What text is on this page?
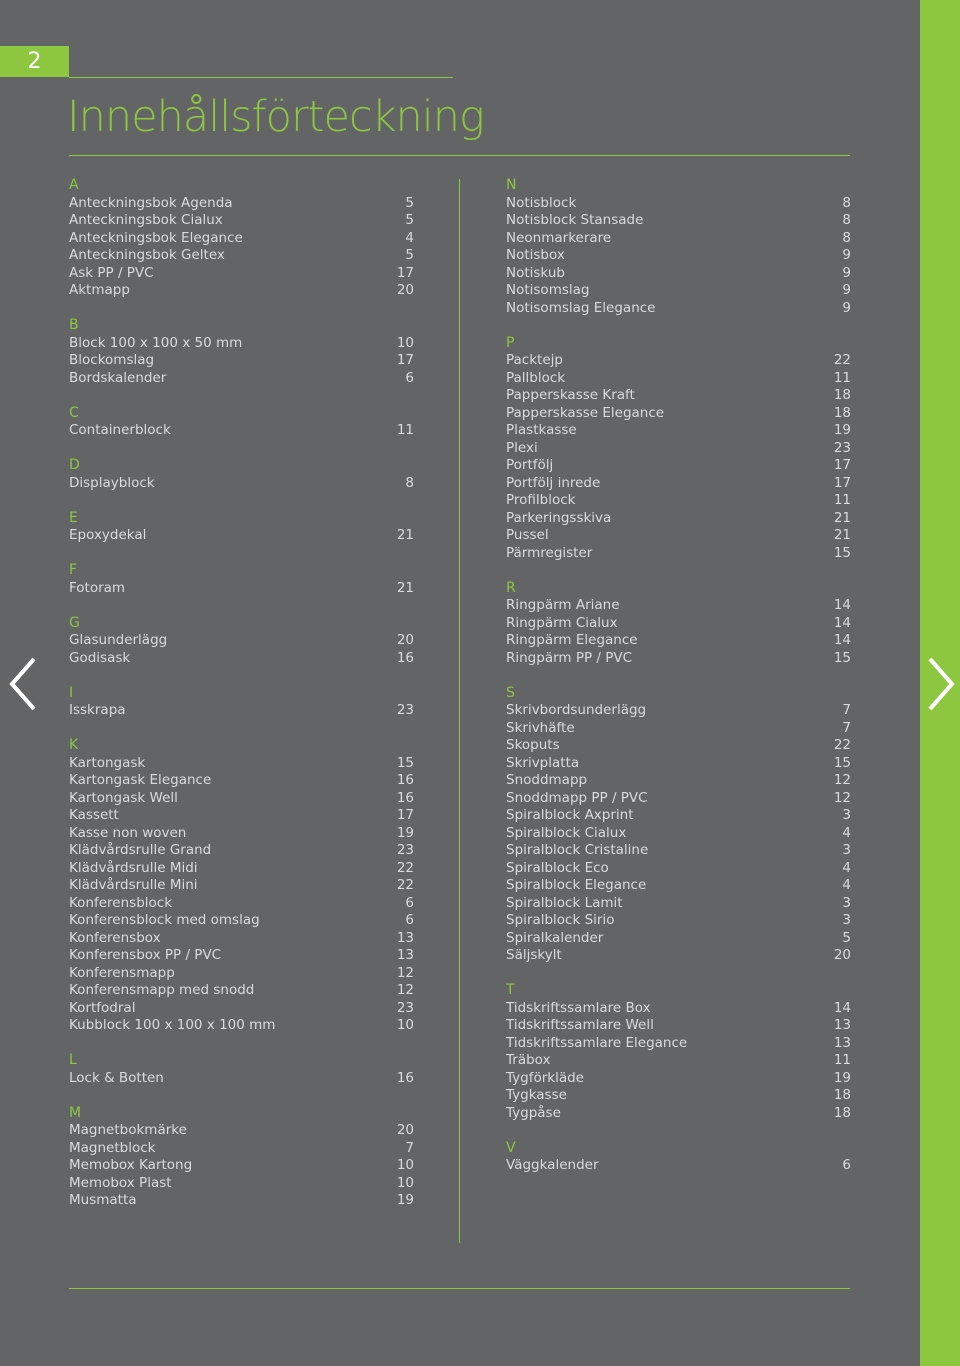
2
Innehållsförteckning
A
Anteckningsbok Agenda	5
Anteckningsbok Cialux	5
Anteckningsbok Elegance	4
Anteckningsbok Geltex	5
Ask PP / PVC	17
Aktmapp	20
B
Block 100 x 100 x 50 mm	10
Blockomslag	17
Bordskalender	6
C
Containerblock	11
D
Displayblock	8
E
Epoxydekal	21
F
Fotoram	21
G
Glasunderlägg	20
Godisask	16
I
Isskrapa	23
K
Kartongask	15
Kartongask Elegance	16
Kartongask Well	16
Kassett	17
Kasse non woven	19
Klädvårdsrulle Grand	23
Klädvårdsrulle Midi	22
Klädvårdsrulle Mini	22
Konferensblock	6
Konferensblock med omslag	6
Konferensbox	13
Konferensbox PP / PVC	13
Konferensmapp	12
Konferensmapp med snodd	12
Kortfodral	23
Kubblock 100 x 100 x 100 mm	10
L
Lock & Botten	16
M
Magnetbokmärke	20
Magnetblock	7
Memobox Kartong	10
Memobox Plast	10
Musmatta	19
N
Notisblock	8
Notisblock Stansade	8
Neonmarkerare	8
Notisbox	9
Notiskub	9
Notisomslag	9
Notisomslag Elegance	9
P
Packtejp	22
Pallblock	11
Papperskasse Kraft	18
Papperskasse Elegance	18
Plastkasse	19
Plexi	23
Portfölj	17
Portfölj inrede	17
Profilblock	11
Parkeringsskiva	21
Pussel	21
Pärmregister	15
R
Ringpärm Ariane	14
Ringpärm Cialux	14
Ringpärm Elegance	14
Ringpärm PP / PVC	15
S
Skrivbordsunderlägg	7
Skrivhäfte	7
Skoputs	22
Skrivplatta	15
Snoddmapp	12
Snoddmapp PP / PVC	12
Spiralblock Axprint	3
Spiralblock Cialux	4
Spiralblock Cristaline	3
Spiralblock Eco	4
Spiralblock Elegance	4
Spiralblock Lamit	3
Spiralblock Sirio	3
Spiralkalender	5
Säljskylt	20
T
Tidskriftssamlare Box	14
Tidskriftssamlare Well	13
Tidskriftssamlare Elegance	13
Träbox	11
Tygförkläde	19
Tygkasse	18
Tygpåse	18
V
Väggkalender	6
